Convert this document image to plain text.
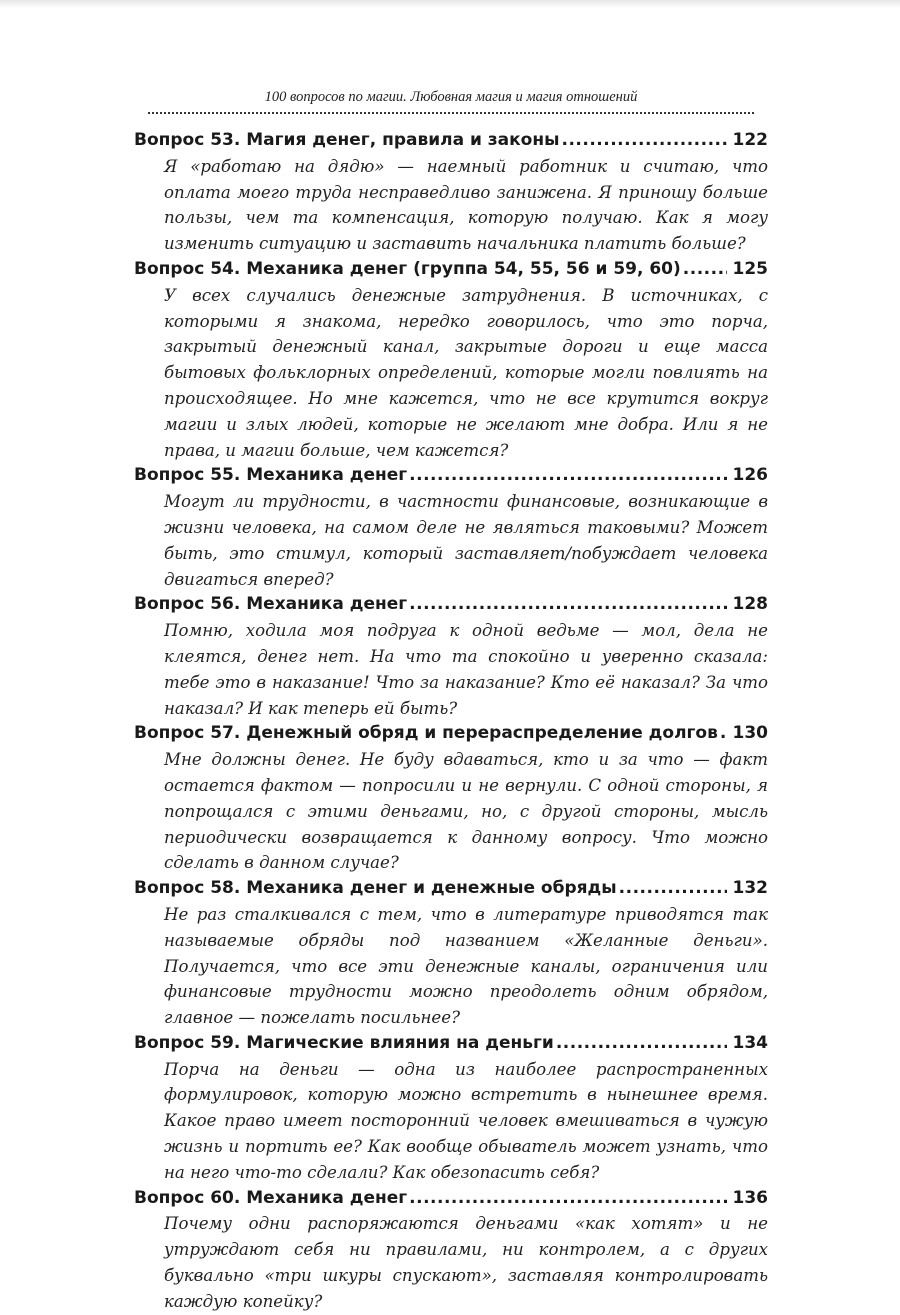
100 вопросов по магии. Любовная магия и магия отношений
Вопрос 53. Магия денег, правила и законы .....	122
Я «работаю на дядю» — наемный работник и считаю, что оплата моего труда несправедливо занижена. Я приношу больше пользы, чем та компенсация, которую получаю. Как я могу изменить ситуацию и заставить начальника платить больше?
Вопрос 54. Механика денег (группа 54, 55, 56 и 59, 60) .....	125
У всех случались денежные затруднения. В источниках, с которыми я знакома, нередко говорилось, что это порча, закрытый денежный канал, закрытые дороги и еще масса бытовых фольклорных определений, которые могли повлиять на происходящее. Но мне кажется, что не все крутится вокруг магии и злых людей, которые не желают мне добра. Или я не права, и магии больше, чем кажется?
Вопрос 55. Механика денег .....	126
Могут ли трудности, в частности финансовые, возникающие в жизни человека, на самом деле не являться таковыми? Может быть, это стимул, который заставляет/побуждает человека двигаться вперед?
Вопрос 56. Механика денег .....	128
Помню, ходила моя подруга к одной ведьме — мол, дела не клеятся, денег нет. На что та спокойно и уверенно сказала: тебе это в наказание! Что за наказание? Кто её наказал? За что наказал? И как теперь ей быть?
Вопрос 57. Денежный обряд и перераспределение долгов ..... 130
Мне должны денег. Не буду вдаваться, кто и за что — факт остается фактом — попросили и не вернули. С одной стороны, я попрощался с этими деньгами, но, с другой стороны, мысль периодически возвращается к данному вопросу. Что можно сделать в данном случае?
Вопрос 58. Механика денег и денежные обряды .....	132
Не раз сталкивался с тем, что в литературе приводятся так называемые обряды под названием «Желанные деньги». Получается, что все эти денежные каналы, ограничения или финансовые трудности можно преодолеть одним обрядом, главное — пожелать посильнее?
Вопрос 59. Магические влияния на деньги .....	134
Порча на деньги — одна из наиболее распространенных формулировок, которую можно встретить в нынешнее время. Какое право имеет посторонний человек вмешиваться в чужую жизнь и портить ее? Как вообще обыватель может узнать, что на него что-то сделали? Как обезопасить себя?
Вопрос 60. Механика денег .....	136
Почему одни распоряжаются деньгами «как хотят» и не утруждают себя ни правилами, ни контролем, а с других буквально «три шкуры спускают», заставляя контролировать каждую копейку?
